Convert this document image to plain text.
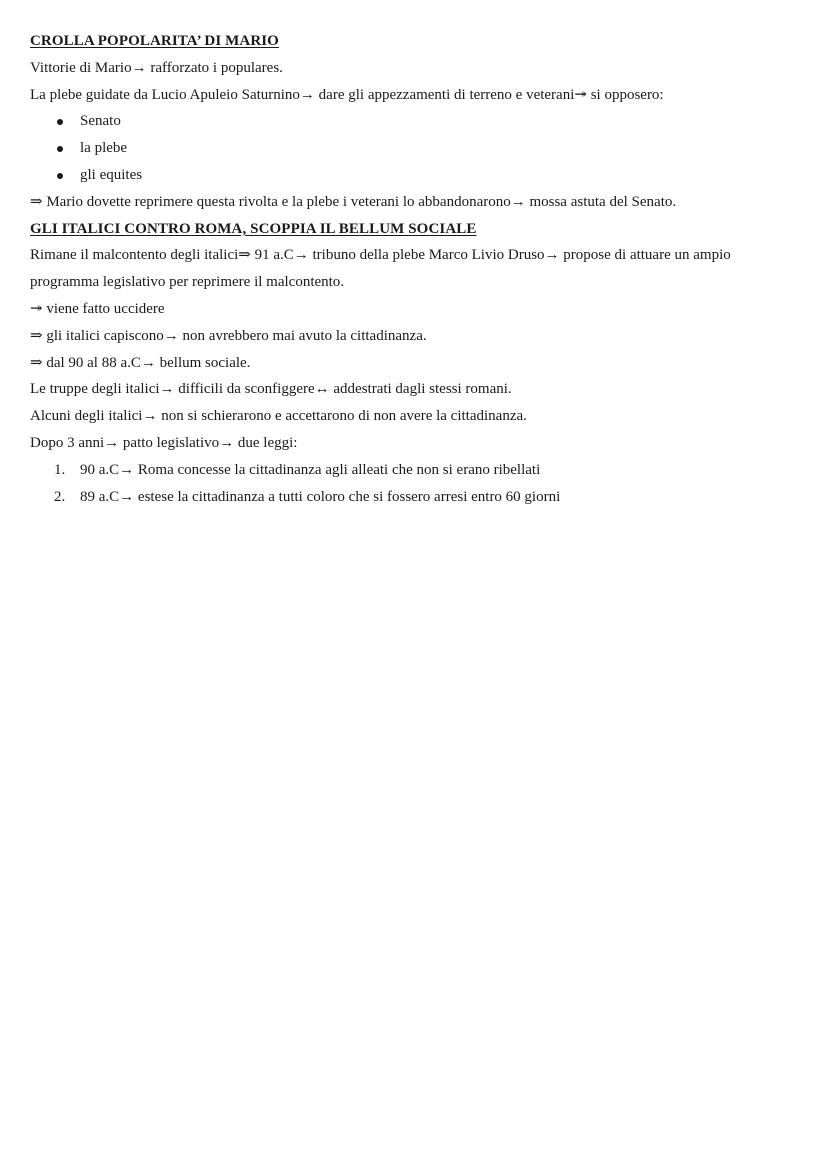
CROLLA POPOLARITA’ DI MARIO
Vittorie di Mario→ rafforzato i populares.
La plebe guidate da Lucio Apuleio Saturnino→ dare gli appezzamenti di terreno e veterani↠ si opposero:
Senato
la plebe
gli equites
⇒ Mario dovette reprimere questa rivolta e la plebe i veterani lo abbandonarono→ mossa astuta del Senato.
GLI ITALICI CONTRO ROMA, SCOPPIA IL BELLUM SOCIALE
Rimane il malcontento degli italici⇒ 91 a.C→ tribuno della plebe Marco Livio Druso→ propose di attuare un ampio programma legislativo per reprimere il malcontento.
↠ viene fatto uccidere
⇒ gli italici capiscono→ non avrebbero mai avuto la cittadinanza.
⇒ dal 90 al 88 a.C→ bellum sociale.
Le truppe degli italici→ difficili da sconfiggere↔ addestrati dagli stessi romani.
Alcuni degli italici→ non si schierarono e accettarono di non avere la cittadinanza.
Dopo 3 anni→ patto legislativo→ due leggi:
1. 90 a.C→ Roma concesse la cittadinanza agli alleati che non si erano ribellati
2. 89 a.C→ estese la cittadinanza a tutti coloro che si fossero arresi entro 60 giorni
